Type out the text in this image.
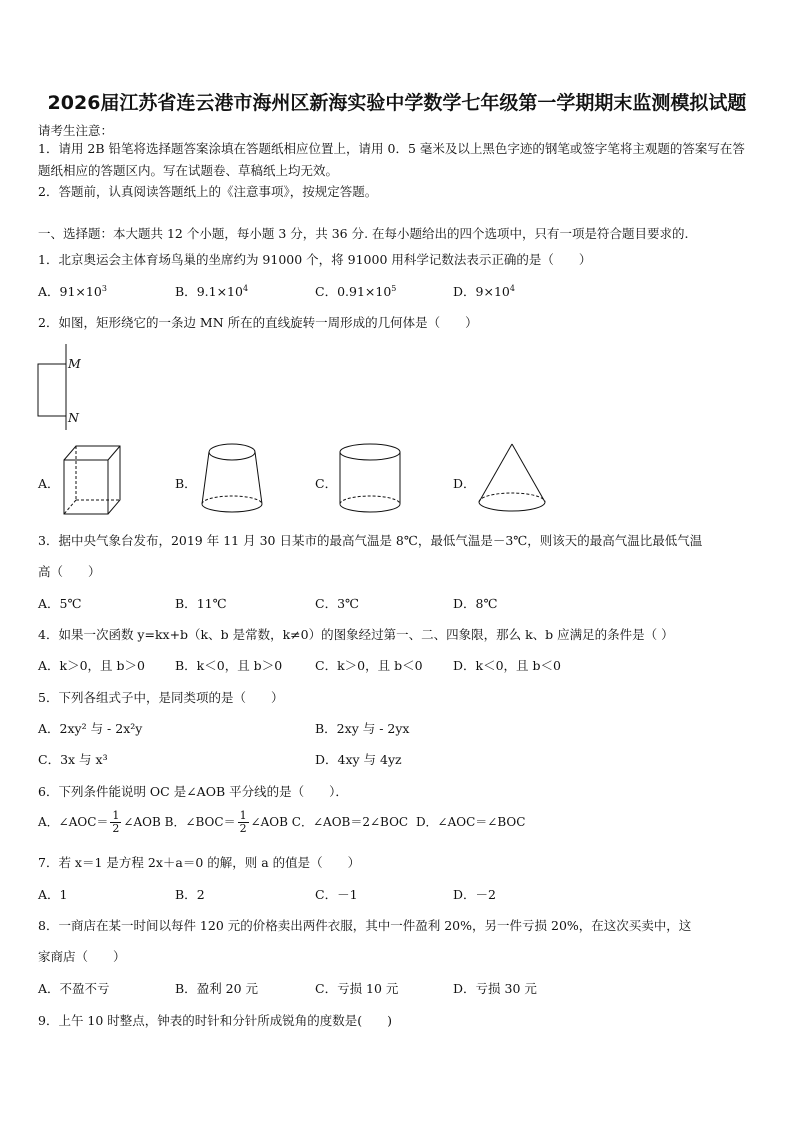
2026届江苏省连云港市海州区新海实验中学数学七年级第一学期期末监测模拟试题
请考生注意：
1．请用 2B 铅笔将选择题答案涂填在答题纸相应位置上，请用 0．5 毫米及以上黑色字迹的钢笔或签字笔将主观题的答案写在答题纸相应的答题区内。写在试题卷、草稿纸上均无效。
2．答题前，认真阅读答题纸上的《注意事项》，按规定答题。
一、选择题：本大题共 12 个小题，每小题 3 分，共 36 分. 在每小题给出的四个选项中，只有一项是符合题目要求的.
1．北京奥运会主体育场鸟巢的坐席约为 91000 个，将 91000 用科学记数法表示正确的是（　　）
A．$91\times 10^3$	B．$9.1\times 10^4$	C．$0.91\times 10^5$	D．$9\times 10^4$
2．如图，矩形绕它的一条边 MN 所在的直线旋转一周形成的几何体是（　　）
M
N
A．	B．	C．	D．
3．据中央气象台发布，2019 年 11 月 30 日某市的最高气温是 8℃，最低气温是－3℃，则该天的最高气温比最低气温
高（　　）
A．5℃	B．11℃	C．3℃	D．8℃
4．如果一次函数 y=kx+b（k、b 是常数，k≠0）的图象经过第一、二、四象限，那么 k、b 应满足的条件是（ ）
A．k＞0，且 b＞0 B．k＜0，且 b＞0	C．k＞0，且 b＜0 D．k＜0，且 b＜0
5．下列各组式子中，是同类项的是（　　）
A．2xy² 与 - 2x²y	B．2xy 与 - 2yx
C．3x 与 x³	D．4xy 与 4yz
6．下列条件能说明 OC 是∠AOB 平分线的是（　　）．
A．∠AOC＝ $\frac{1}{2}$ ∠AOB B．∠BOC＝ $\frac{1}{2}$ ∠AOB C．∠AOB＝2∠BOC D．∠AOC＝∠BOC
7．若 x＝1 是方程 2x＋a＝0 的解，则 a 的值是（　　）
A．1	B．2	C．－1	D．－2
8．一商店在某一时间以每件 120 元的价格卖出两件衣服，其中一件盈利 20%，另一件亏损 20%，在这次买卖中，这
家商店（　　）
A．不盈不亏	B．盈利 20 元	C．亏损 10 元	D．亏损 30 元
9．上午 10 时整点，钟表的时针和分针所成锐角的度数是(　　)
